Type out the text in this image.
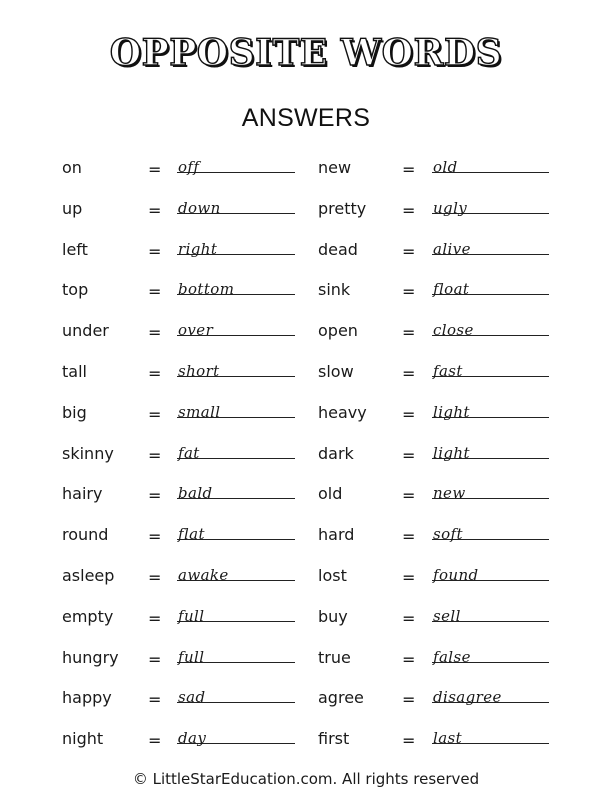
OPPOSITE WORDS
ANSWERS
on	= off	new	= old
up	= down	pretty = ugly
left	= right	dead	= alive
top	= bottom	sink	= float
under = over	open	= close
tall	= short	slow	= fast
big	= small	heavy = light
skinny = fat	dark	= light
hairy	= bald	old	= new
round = flat	hard	= soft
asleep = awake	lost	= found
empty = full	buy	= sell
hungry = full	true	= false
happy = sad	agree = disagree
night	= day	first	= last
© LittleStarEducation.com. All rights reserved
